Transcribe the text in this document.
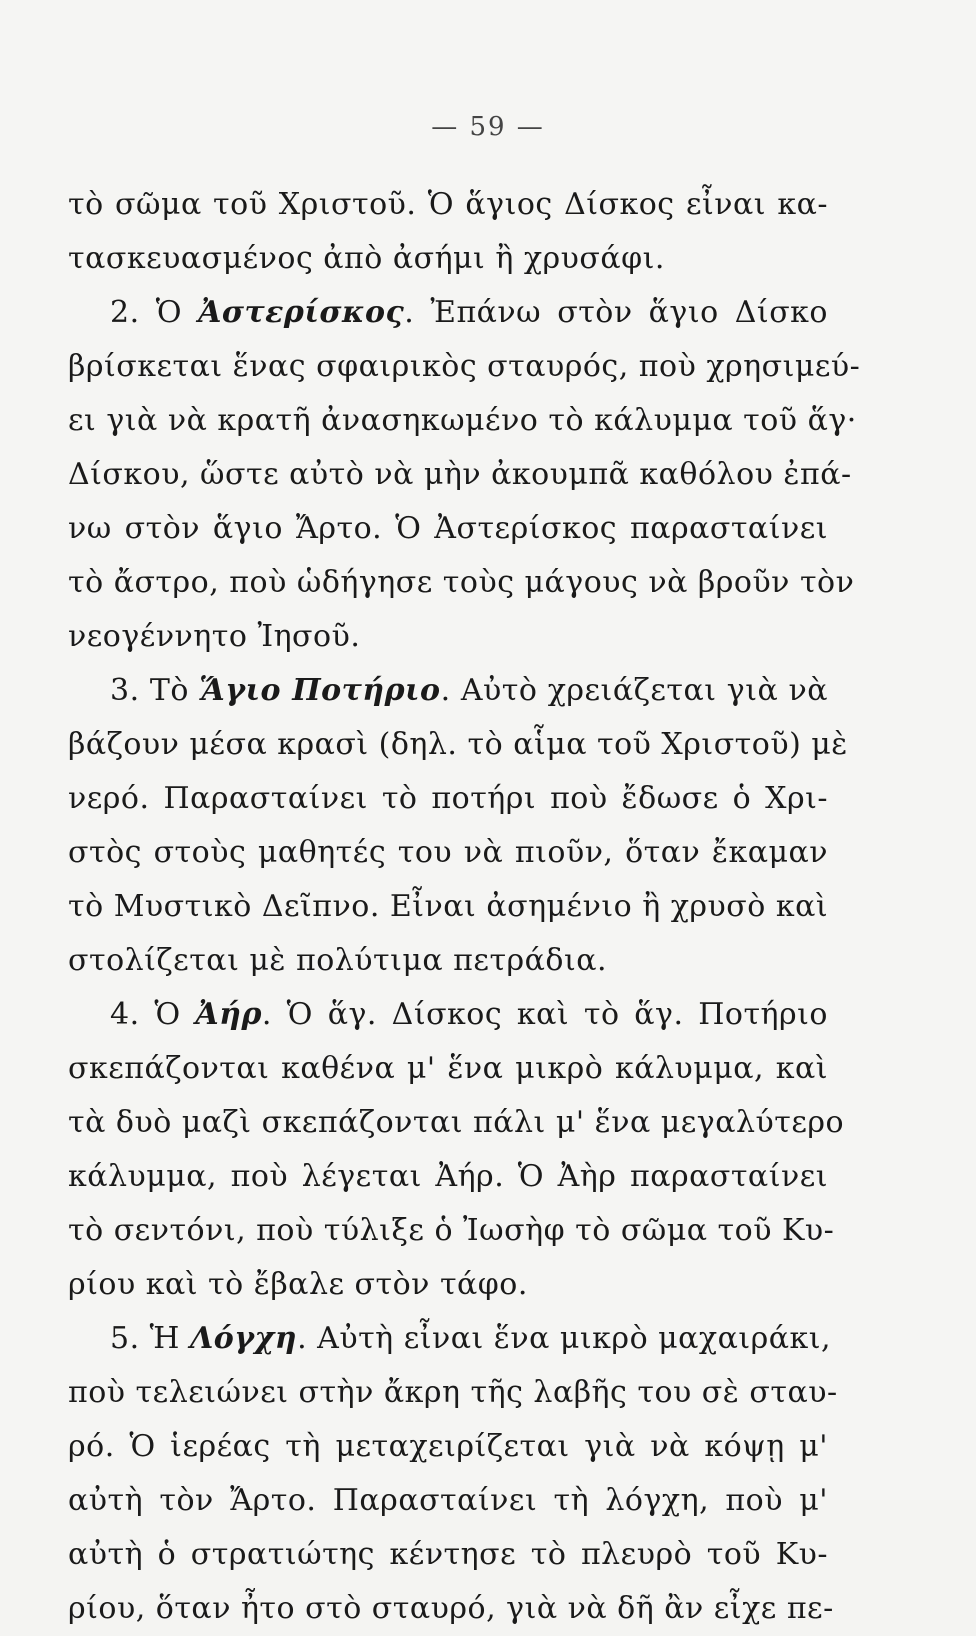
— 59 —
τὸ σῶμα τοῦ Χριστοῦ. Ὁ ἅγιος Δίσκος εἶναι κα-
τασκευασμένος ἀπὸ ἀσήμι ἢ χρυσάφι.
2. Ὁ Ἀστερίσκος. Ἐπάνω στὸν ἅγιο Δίσκο
βρίσκεται ἕνας σφαιρικὸς σταυρός, ποὺ χρησιμεύ-
ει γιὰ νὰ κρατῆ ἀνασηκωμένο τὸ κάλυμμα τοῦ ἅγ·
Δίσκου, ὥστε αὐτὸ νὰ μὴν ἀκουμπᾶ καθόλου ἐπά-
νω στὸν ἅγιο Ἄρτο. Ὁ Ἀστερίσκος παρασταίνει
τὸ ἄστρο, ποὺ ὡδήγησε τοὺς μάγους νὰ βροῦν τὸν
νεογέννητο Ἰησοῦ.
3. Τὸ Ἅγιο Ποτήριο. Αὐτὸ χρειάζεται γιὰ νὰ
βάζουν μέσα κρασὶ (δηλ. τὸ αἷμα τοῦ Χριστοῦ) μὲ
νερό. Παρασταίνει τὸ ποτήρι ποὺ ἔδωσε ὁ Χρι-
στὸς στοὺς μαθητές του νὰ πιοῦν, ὅταν ἔκαμαν
τὸ Μυστικὸ Δεῖπνο. Εἶναι ἀσημένιο ἢ χρυσὸ καὶ
στολίζεται μὲ πολύτιμα πετράδια.
4. Ὁ Ἀήρ. Ὁ ἅγ. Δίσκος καὶ τὸ ἅγ. Ποτήριο
σκεπάζονται καθένα μ' ἕνα μικρὸ κάλυμμα, καὶ
τὰ δυὸ μαζὶ σκεπάζονται πάλι μ' ἕνα μεγαλύτερο
κάλυμμα, ποὺ λέγεται Ἀήρ. Ὁ Ἀὴρ παρασταίνει
τὸ σεντόνι, ποὺ τύλιξε ὁ Ἰωσὴφ τὸ σῶμα τοῦ Κυ-
ρίου καὶ τὸ ἔβαλε στὸν τάφο.
5. Ἡ Λόγχη. Αὐτὴ εἶναι ἕνα μικρὸ μαχαιράκι,
ποὺ τελειώνει στὴν ἄκρη τῆς λαβῆς του σὲ σταυ-
ρό. Ὁ ἱερέας τὴ μεταχειρίζεται γιὰ νὰ κόψῃ μ'
αὐτὴ τὸν Ἄρτο. Παρασταίνει τὴ λόγχη, ποὺ μ'
αὐτὴ ὁ στρατιώτης κέντησε τὸ πλευρὸ τοῦ Κυ-
ρίου, ὅταν ἦτο στὸ σταυρό, γιὰ νὰ δῆ ἂν εἶχε πε-
